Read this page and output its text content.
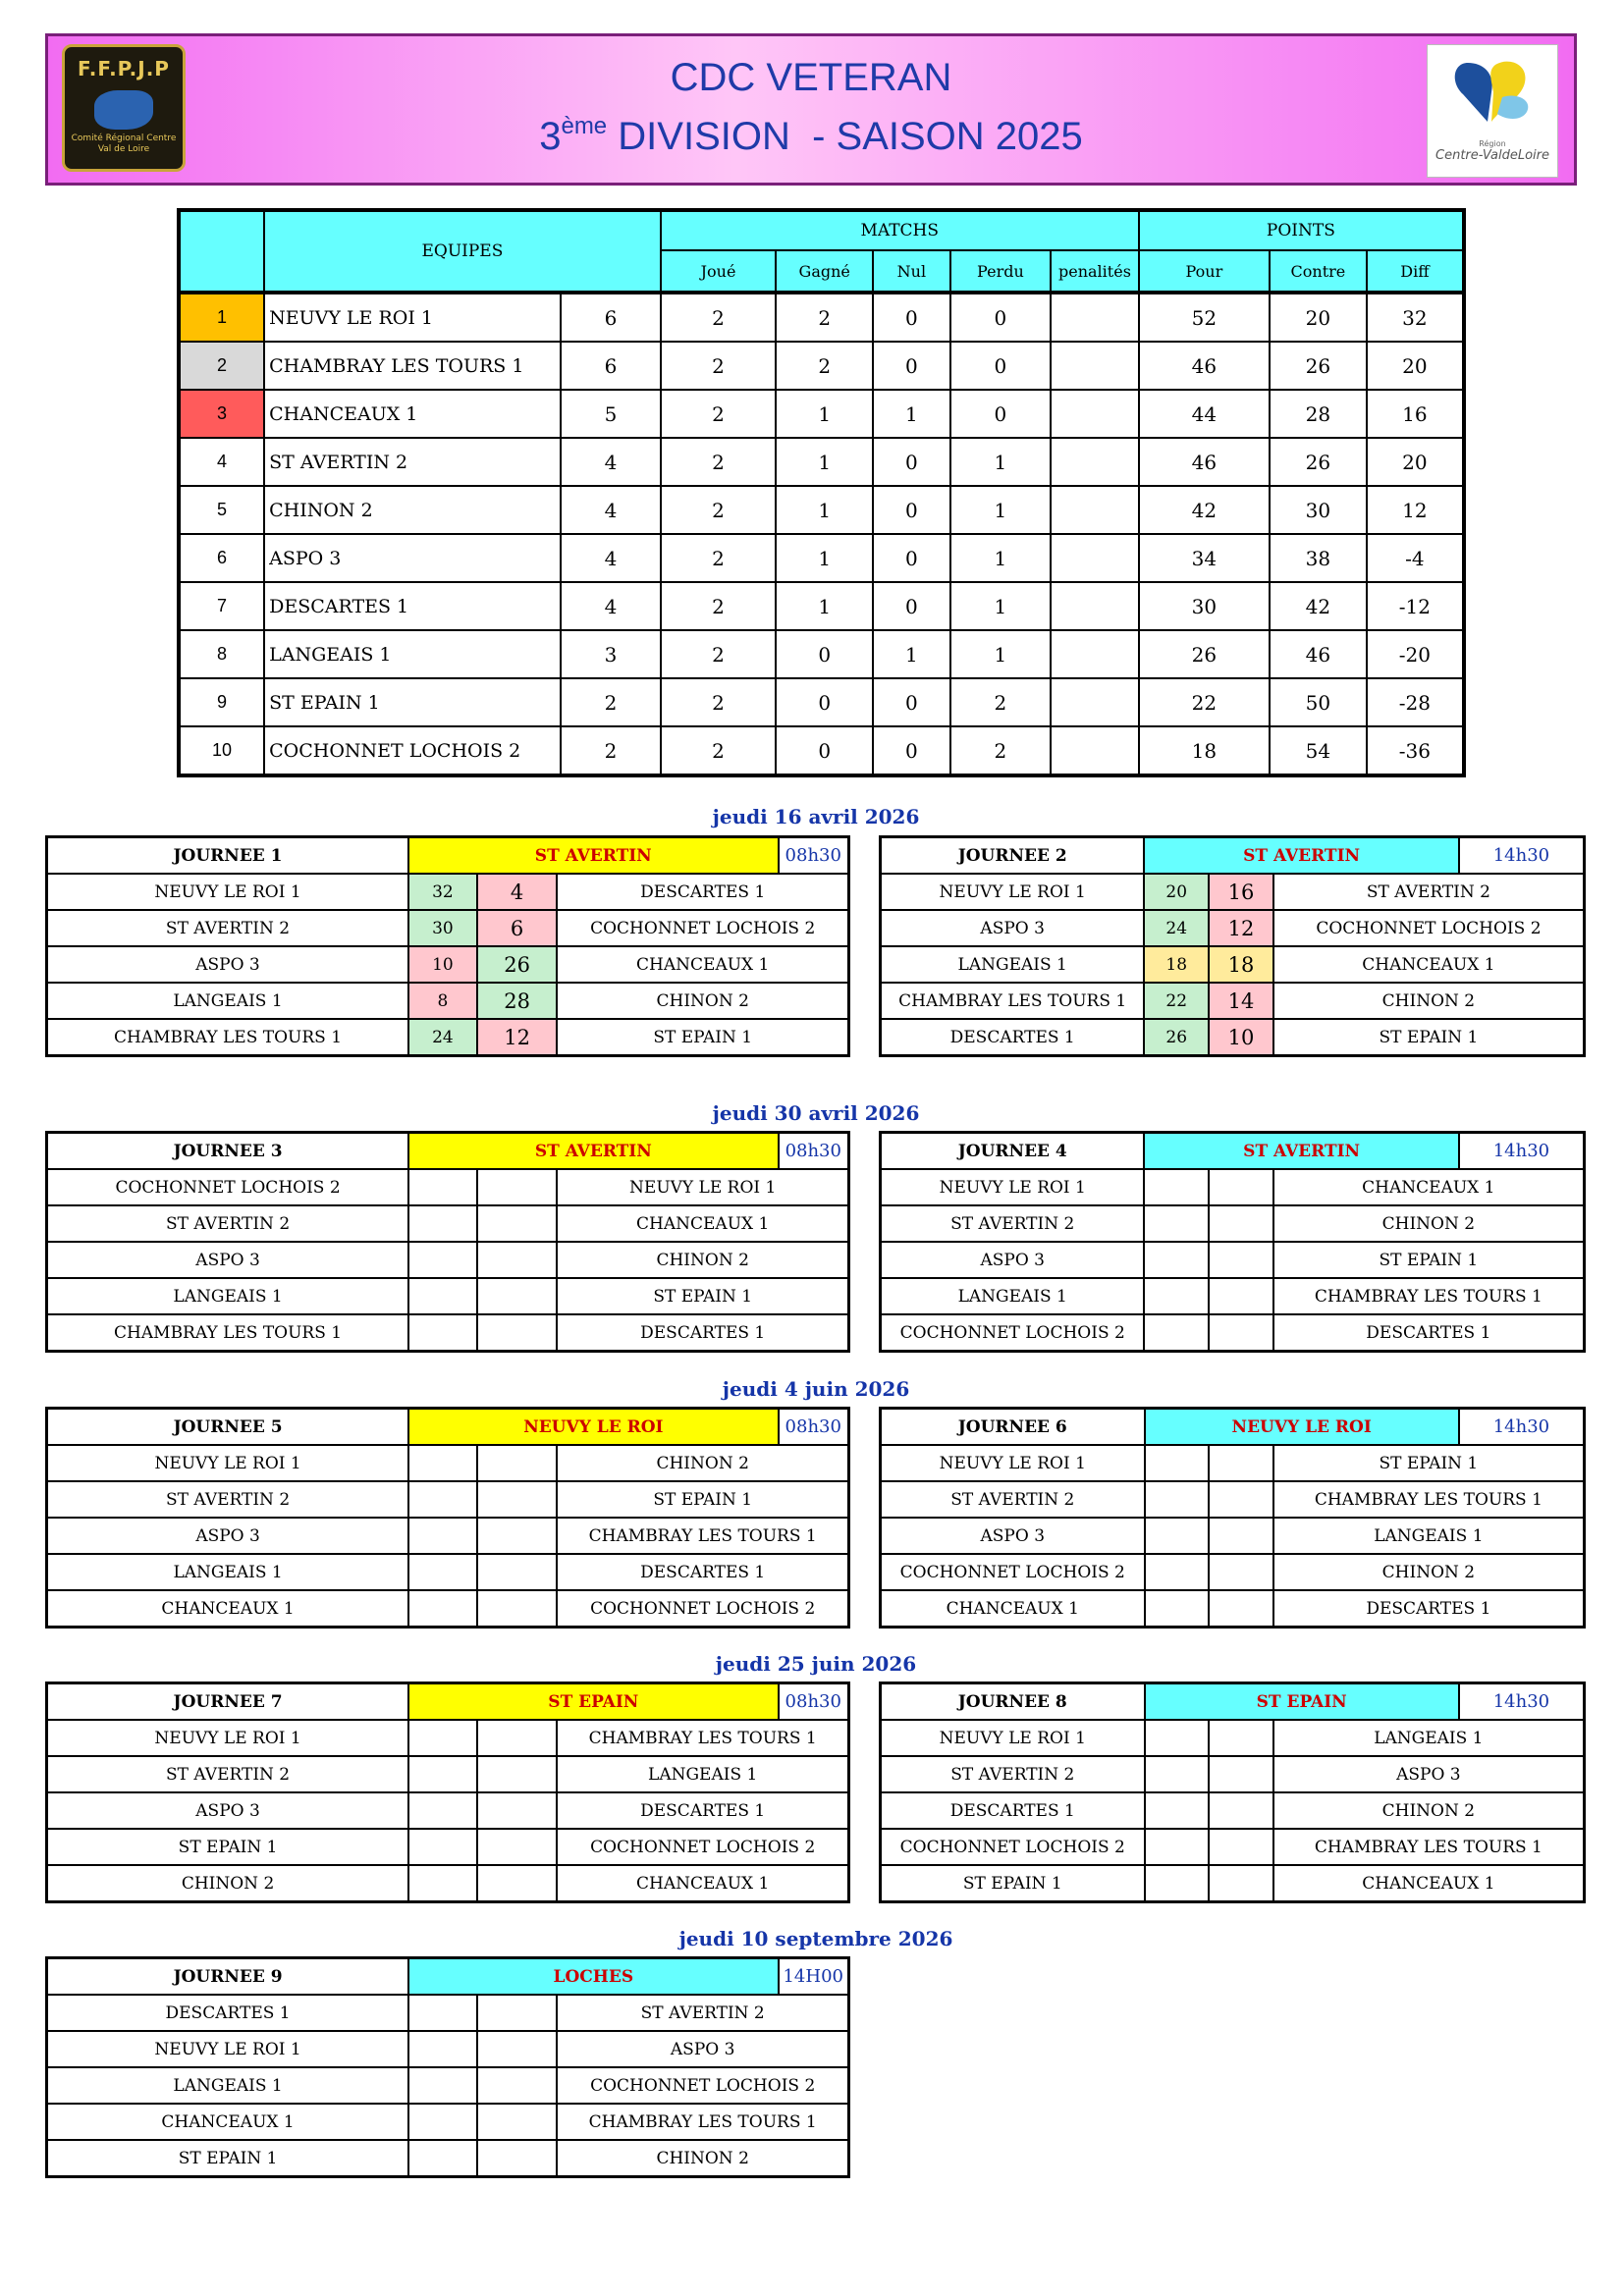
F.F.P.J.P
Comité Régional Centre Val de Loire
CDC VETERAN
3ème DIVISION  - SAISON 2025	Région
Centre-ValdeLoire
	EQUIPES		MATCHS					POINTS		
			Joué	Gagné	Nul	Perdu	penalités	Pour	Contre	Diff
1	NEUVY LE ROI 1	6	2	2	0	0		52	20	32
2	CHAMBRAY LES TOURS 1	6	2	2	0	0		46	26	20
3	CHANCEAUX 1	5	2	1	1	0		44	28	16
4	ST AVERTIN 2	4	2	1	0	1		46	26	20
5	CHINON 2	4	2	1	0	1		42	30	12
6	ASPO 3	4	2	1	0	1		34	38	-4
7	DESCARTES 1	4	2	1	0	1		30	42	-12
8	LANGEAIS 1	3	2	0	1	1		26	46	-20
9	ST EPAIN 1	2	2	0	0	2		22	50	-28
10	COCHONNET LOCHOIS 2	2	2	0	0	2		18	54	-36
jeudi 16 avril 2026
jeudi 30 avril 2026
jeudi 4 juin 2026
jeudi 25 juin 2026
jeudi 10 septembre 2026
JOURNEE 1	ST AVERTIN			08h30
NEUVY LE ROI 1	32	4	DESCARTES 1	
ST AVERTIN 2	30	6	COCHONNET LOCHOIS 2	
ASPO 3	10	26	CHANCEAUX 1	
LANGEAIS 1	8	28	CHINON 2	
CHAMBRAY LES TOURS 1	24	12	ST EPAIN 1	
JOURNEE 2	ST AVERTIN			14h30
NEUVY LE ROI 1	20	16	ST AVERTIN 2	
ASPO 3	24	12	COCHONNET LOCHOIS 2	
LANGEAIS 1	18	18	CHANCEAUX 1	
CHAMBRAY LES TOURS 1	22	14	CHINON 2	
DESCARTES 1	26	10	ST EPAIN 1	
JOURNEE 3	ST AVERTIN			08h30
COCHONNET LOCHOIS 2			NEUVY LE ROI 1	
ST AVERTIN 2			CHANCEAUX 1	
ASPO 3			CHINON 2	
LANGEAIS 1			ST EPAIN 1	
CHAMBRAY LES TOURS 1			DESCARTES 1	
JOURNEE 4	ST AVERTIN			14h30
NEUVY LE ROI 1			CHANCEAUX 1	
ST AVERTIN 2			CHINON 2	
ASPO 3			ST EPAIN 1	
LANGEAIS 1			CHAMBRAY LES TOURS 1	
COCHONNET LOCHOIS 2			DESCARTES 1	
JOURNEE 5	NEUVY LE ROI			08h30
NEUVY LE ROI 1			CHINON 2	
ST AVERTIN 2			ST EPAIN 1	
ASPO 3			CHAMBRAY LES TOURS 1	
LANGEAIS 1			DESCARTES 1	
CHANCEAUX 1			COCHONNET LOCHOIS 2	
JOURNEE 6	NEUVY LE ROI			14h30
NEUVY LE ROI 1			ST EPAIN 1	
ST AVERTIN 2			CHAMBRAY LES TOURS 1	
ASPO 3			LANGEAIS 1	
COCHONNET LOCHOIS 2			CHINON 2	
CHANCEAUX 1			DESCARTES 1	
JOURNEE 7	ST EPAIN			08h30
NEUVY LE ROI 1			CHAMBRAY LES TOURS 1	
ST AVERTIN 2			LANGEAIS 1	
ASPO 3			DESCARTES 1	
ST EPAIN 1			COCHONNET LOCHOIS 2	
CHINON 2			CHANCEAUX 1	
JOURNEE 8	ST EPAIN			14h30
NEUVY LE ROI 1			LANGEAIS 1	
ST AVERTIN 2			ASPO 3	
DESCARTES 1			CHINON 2	
COCHONNET LOCHOIS 2			CHAMBRAY LES TOURS 1	
ST EPAIN 1			CHANCEAUX 1	
JOURNEE 9	LOCHES			14H00
DESCARTES 1			ST AVERTIN 2	
NEUVY LE ROI 1			ASPO 3	
LANGEAIS 1			COCHONNET LOCHOIS 2	
CHANCEAUX 1			CHAMBRAY LES TOURS 1	
ST EPAIN 1			CHINON 2	
